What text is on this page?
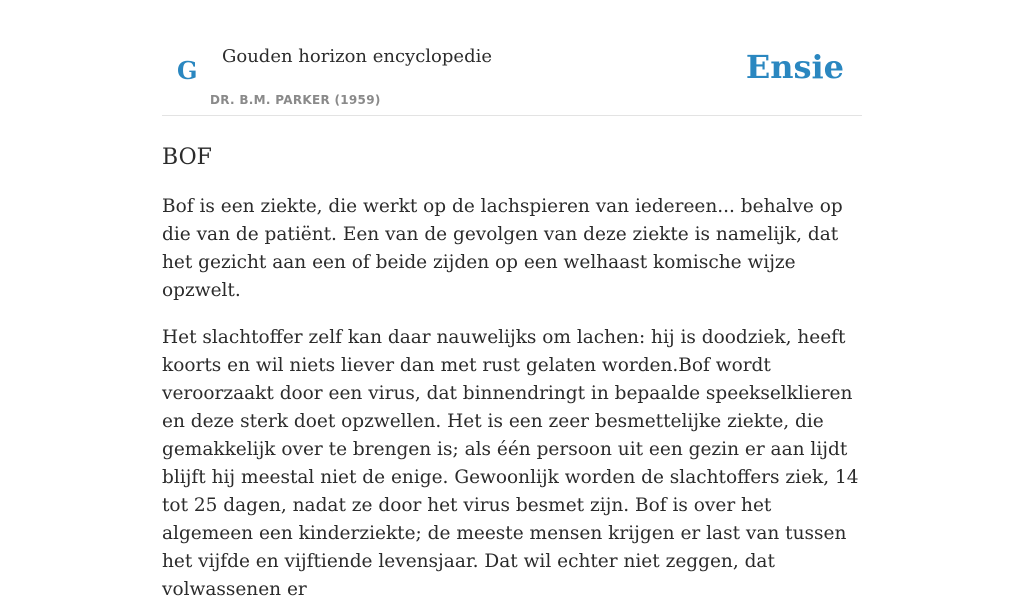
G Gouden horizon encyclopedie
DR. B.M. PARKER (1959)
Ensie
BOF

Bof is een ziekte, die werkt op de lachspieren van iedereen... behalve op die van de patiënt. Een van de gevolgen van deze ziekte is namelijk, dat het gezicht aan een of beide zijden op een welhaast komische wijze opzwelt.

Het slachtoffer zelf kan daar nauwelijks om lachen: hij is doodziek, heeft koorts en wil niets liever dan met rust gelaten worden.Bof wordt veroorzaakt door een virus, dat binnendringt in bepaalde speekselklieren en deze sterk doet opzwellen. Het is een zeer besmettelijke ziekte, die gemakkelijk over te brengen is; als één persoon uit een gezin er aan lijdt blijft hij meestal niet de enige. Gewoonlijk worden de slachtoffers ziek, 14 tot 25 dagen, nadat ze door het virus besmet zijn. Bof is over het algemeen een kinderziekte; de meeste mensen krijgen er last van tussen het vijfde en vijftiende levensjaar. Dat wil echter niet zeggen, dat volwassenen er
